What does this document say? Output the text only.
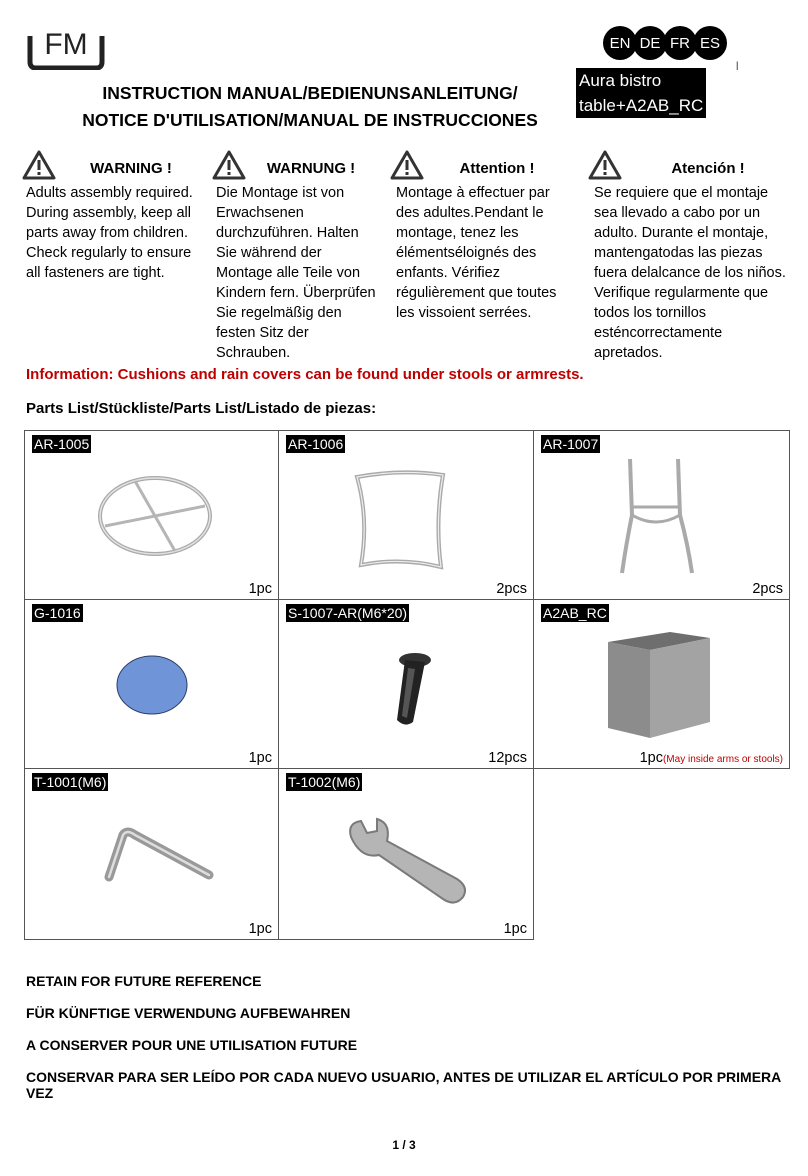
FM	EN DE FR ES
INSTRUCTION MANUAL/BEDIENUNSANLEITUNG/
NOTICE D'UTILISATION/MANUAL DE INSTRUCCIONES
Aura bistro
table+A2AB_RC
|
WARNING !
Adults assembly required. During assembly, keep all parts away from children. Check regularly to ensure all fasteners are tight.
WARNUNG !
Die Montage ist von Erwachsenen durchzuführen. Halten Sie während der Montage alle Teile von Kindern fern. Überprüfen Sie regelmäßig den festen Sitz der Schrauben.
Attention !
Montage à effectuer par des adultes.Pendant le montage, tenez les élémentséloignés des enfants. Vérifiez régulièrement que toutes les vissoient serrées.
Atención !
Se requiere que el montaje sea llevado a cabo por un adulto. Durante el montaje, mantengatodas las piezas fuera delalcance de los niños. Verifique regularmente que todos los tornillos esténcorrectamente apretados.
Information: Cushions and rain covers can be found under stools or armrests.
Parts List/Stückliste/Parts List/Listado de piezas:
AR-1005
1pc
AR-1006
2pcs
AR-1007
2pcs
G-1016
1pc
S-1007-AR(M6*20)
12pcs
A2AB_RC
1pc(May inside arms or stools)
T-1001(M6)
1pc
T-1002(M6)
1pc
RETAIN FOR FUTURE REFERENCE
FÜR KÜNFTIGE VERWENDUNG AUFBEWAHREN
A CONSERVER POUR UNE UTILISATION FUTURE
CONSERVAR PARA SER LEÍDO POR CADA NUEVO USUARIO, ANTES DE UTILIZAR EL ARTÍCULO POR PRIMERA VEZ
1 / 3
